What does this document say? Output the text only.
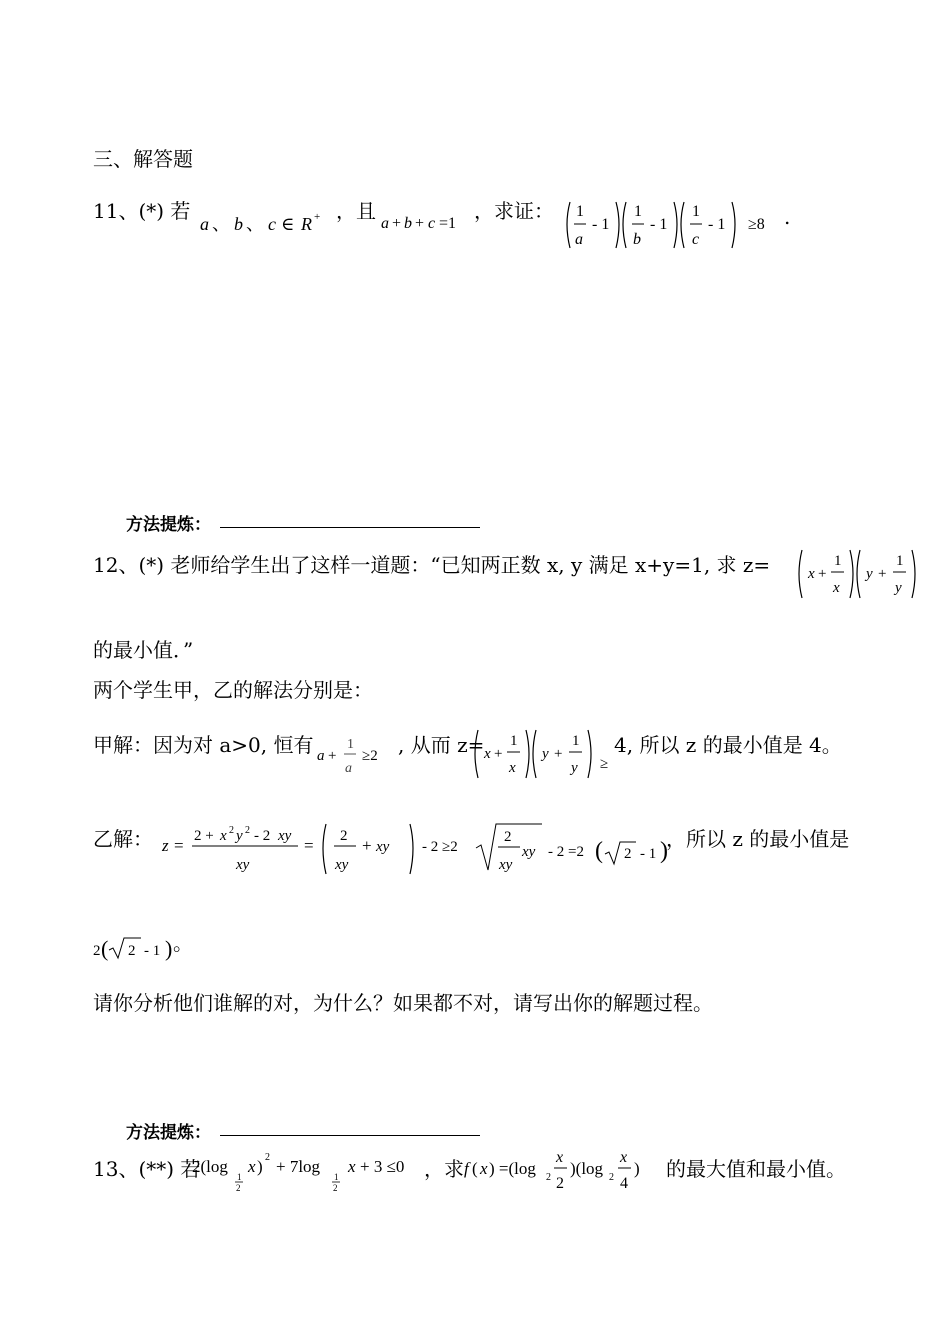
三、解答题
11、(*) 若
a 、 b 、 c ∈ R + ，且
a + b + c =1
，求证： 1
a
- 1
1
b
- 1
1
c
- 1 ≥8 .
方法提炼：
12、(*) 老师给学生出了这样一道题：“已知两正数 x, y 满足 x+y=1, 求 z=	x +
1
x
y +
1
y
的最小值．”
两个学生甲，乙的解法分别是：
甲解：因为对 a>0, 恒有 a +
1
a
≥2 , 从而 z= x +
1
x
y +
1
y ≥
4, 所以 z 的最小值是 4。
乙解： z = 2 + x 2 y 2 - 2 xy
xy
= 2
xy
+ xy - 2 ≥2
2
xy
xy - 2 =2 ( 2 - 1 )
，所以 z 的最小值是
2 ( 2 - 1 ) 。
请你分析他们谁解的对，为什么？如果都不对，请写出你的解题过程。
方法提炼：
13、(**) 若
2(log
1
2
x ) 2 + 7log
1
2
x + 3 ≤0 ，求 f ( x ) =(log 2
x
2
)(log 2
x
4
) 的最大值和最小值。
